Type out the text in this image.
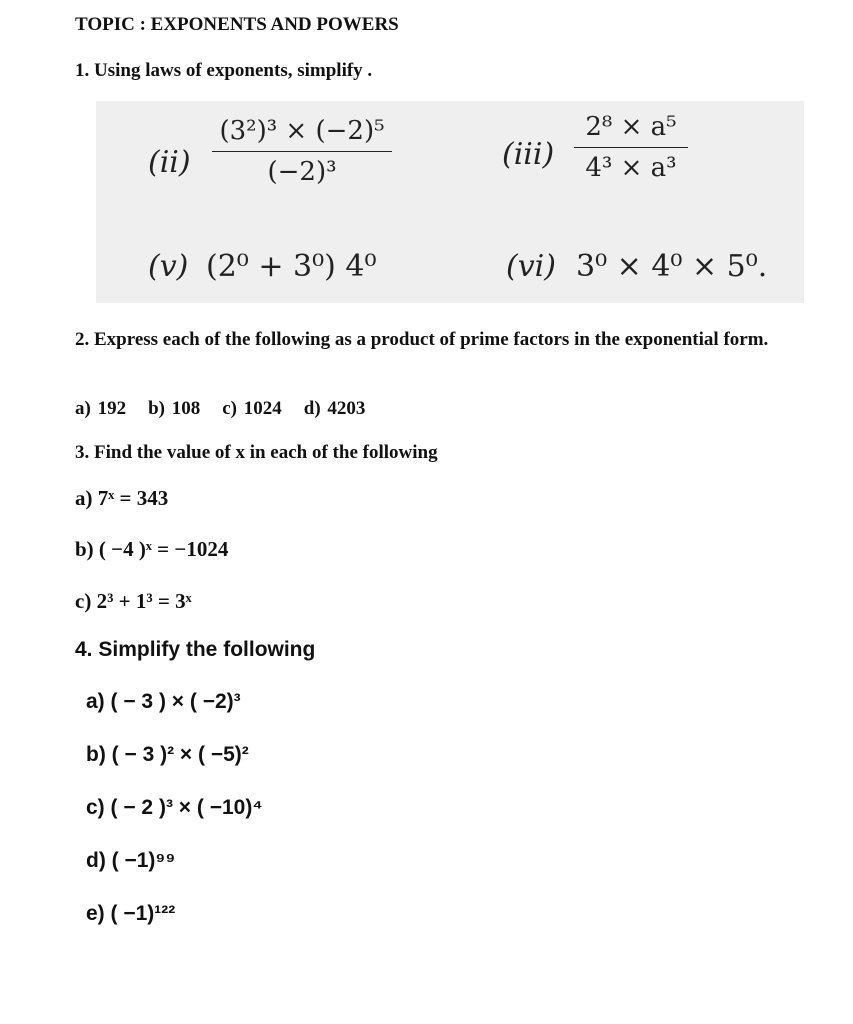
TOPIC : EXPONENTS AND POWERS
1. Using laws of exponents, simplify .
(ii)
(3²)³ × (−2)⁵
(−2)³	(iii)
2⁸ × a⁵
4³ × a³
(v) (2⁰ + 3⁰) 4⁰	(vi) 3⁰ × 4⁰ × 5⁰.
2. Express each of the following as a product of prime factors in the exponential form.
a) 192 b) 108 c) 1024 d) 4203
3. Find the value of x in each of the following
a) 7ˣ = 343
b) ( −4 )ˣ = −1024
c) 2³ + 1³ = 3ˣ
4. Simplify the following
a) ( − 3 ) × ( −2)³
b) ( − 3 )² × ( −5)²
c) ( − 2 )³ × ( −10)⁴
d) ( −1)⁹⁹
e) ( −1)¹²²
